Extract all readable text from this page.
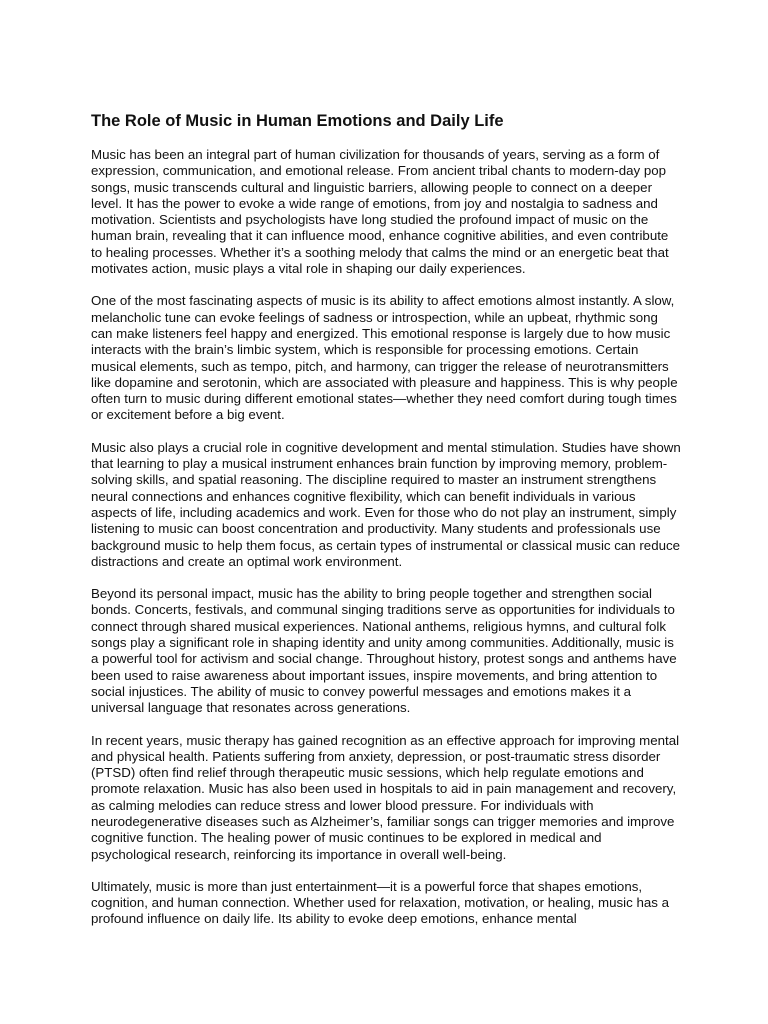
The Role of Music in Human Emotions and Daily Life

Music has been an integral part of human civilization for thousands of years, serving as a form of expression, communication, and emotional release. From ancient tribal chants to modern-day pop songs, music transcends cultural and linguistic barriers, allowing people to connect on a deeper level. It has the power to evoke a wide range of emotions, from joy and nostalgia to sadness and motivation. Scientists and psychologists have long studied the profound impact of music on the human brain, revealing that it can influence mood, enhance cognitive abilities, and even contribute to healing processes. Whether it’s a soothing melody that calms the mind or an energetic beat that motivates action, music plays a vital role in shaping our daily experiences.

One of the most fascinating aspects of music is its ability to affect emotions almost instantly. A slow, melancholic tune can evoke feelings of sadness or introspection, while an upbeat, rhythmic song can make listeners feel happy and energized. This emotional response is largely due to how music interacts with the brain’s limbic system, which is responsible for processing emotions. Certain musical elements, such as tempo, pitch, and harmony, can trigger the release of neurotransmitters like dopamine and serotonin, which are associated with pleasure and happiness. This is why people often turn to music during different emotional states—whether they need comfort during tough times or excitement before a big event.

Music also plays a crucial role in cognitive development and mental stimulation. Studies have shown that learning to play a musical instrument enhances brain function by improving memory, problem-solving skills, and spatial reasoning. The discipline required to master an instrument strengthens neural connections and enhances cognitive flexibility, which can benefit individuals in various aspects of life, including academics and work. Even for those who do not play an instrument, simply listening to music can boost concentration and productivity. Many students and professionals use background music to help them focus, as certain types of instrumental or classical music can reduce distractions and create an optimal work environment.

Beyond its personal impact, music has the ability to bring people together and strengthen social bonds. Concerts, festivals, and communal singing traditions serve as opportunities for individuals to connect through shared musical experiences. National anthems, religious hymns, and cultural folk songs play a significant role in shaping identity and unity among communities. Additionally, music is a powerful tool for activism and social change. Throughout history, protest songs and anthems have been used to raise awareness about important issues, inspire movements, and bring attention to social injustices. The ability of music to convey powerful messages and emotions makes it a universal language that resonates across generations.

In recent years, music therapy has gained recognition as an effective approach for improving mental and physical health. Patients suffering from anxiety, depression, or post-traumatic stress disorder (PTSD) often find relief through therapeutic music sessions, which help regulate emotions and promote relaxation. Music has also been used in hospitals to aid in pain management and recovery, as calming melodies can reduce stress and lower blood pressure. For individuals with neurodegenerative diseases such as Alzheimer’s, familiar songs can trigger memories and improve cognitive function. The healing power of music continues to be explored in medical and psychological research, reinforcing its importance in overall well-being.

Ultimately, music is more than just entertainment—it is a powerful force that shapes emotions, cognition, and human connection. Whether used for relaxation, motivation, or healing, music has a profound influence on daily life. Its ability to evoke deep emotions, enhance mental
